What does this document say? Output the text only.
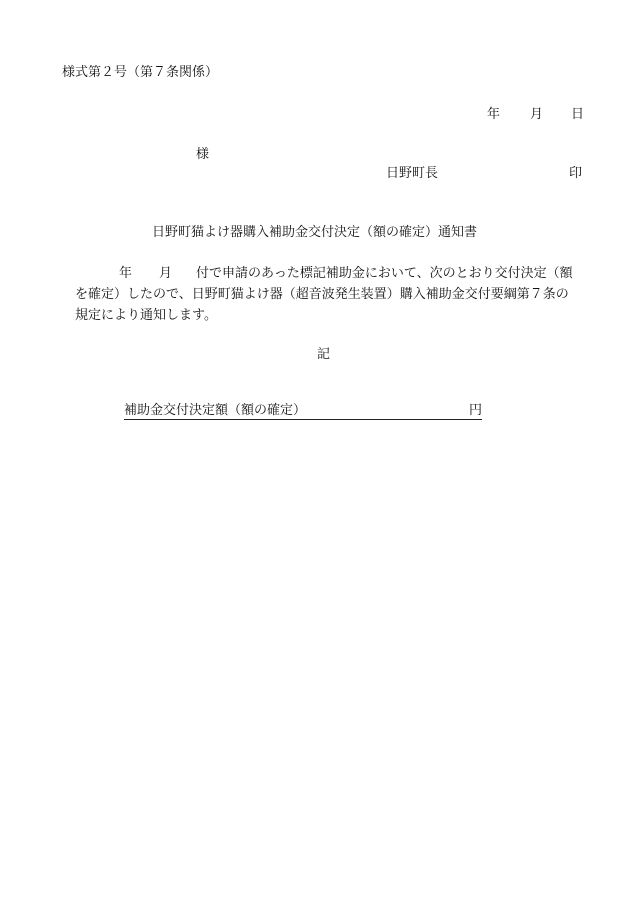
様式第２号（第７条関係）
年 月 日
様
日野町長	印
日野町猫よけ器購入補助金交付決定（額の確定）通知書
年 月 付で申請のあった標記補助金において、次のとおり交付決定（額
を確定）したので、日野町猫よけ器（超音波発生装置）購入補助金交付要綱第７条の
規定により通知します。
記
補助金交付決定額（額の確定）	円
